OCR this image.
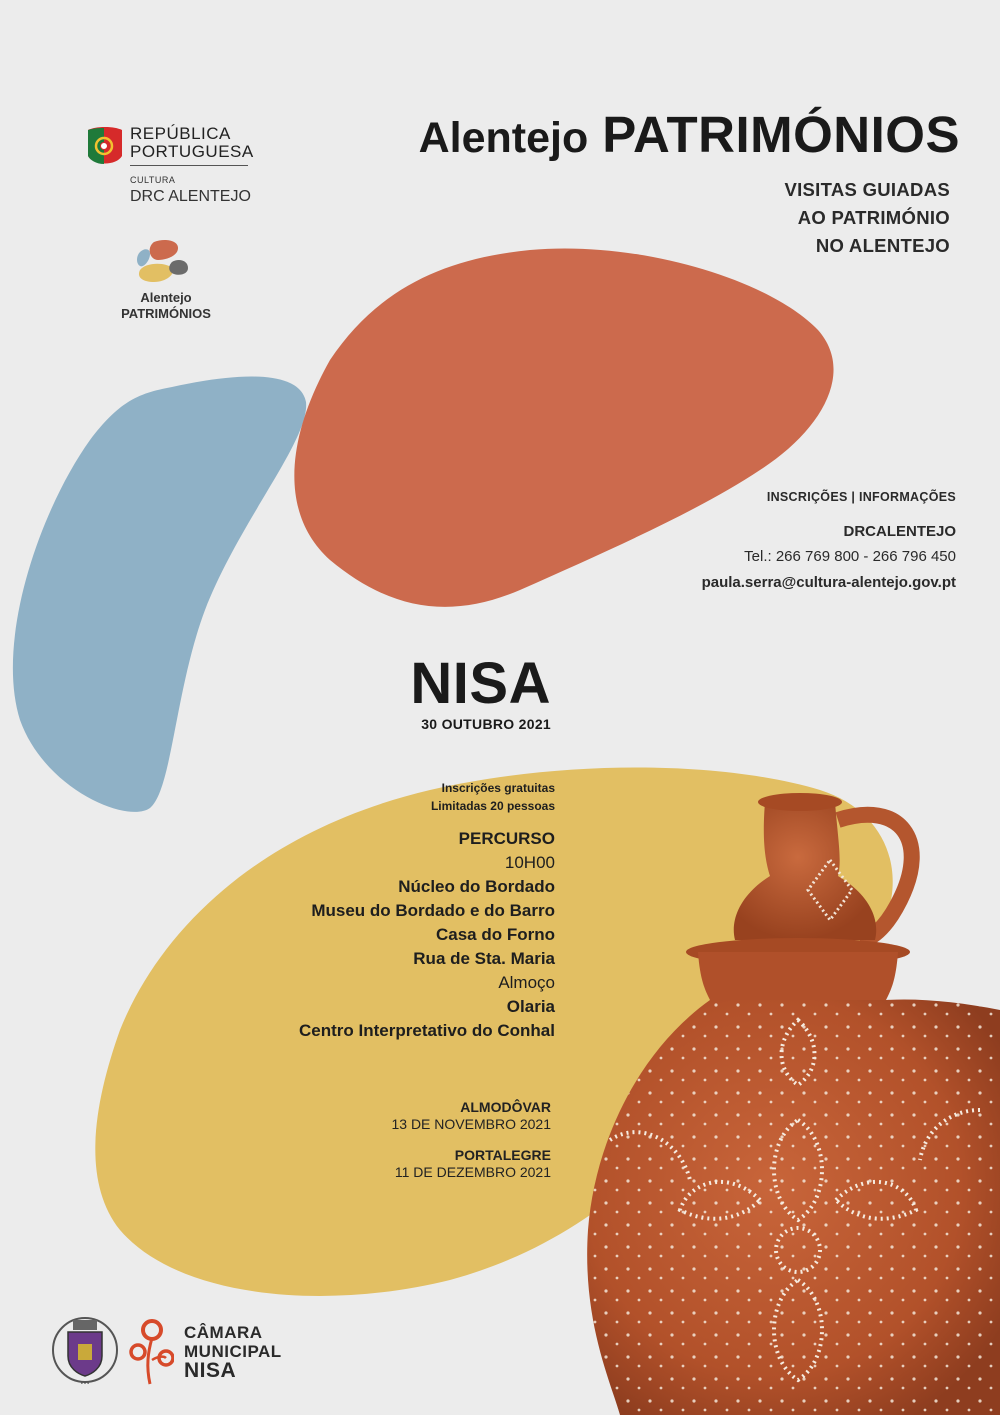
REPÚBLICA
PORTUGUESA
CULTURA
DRC ALENTEJO
Alentejo
PATRIMÓNIOS
Alentejo PATRIMÓNIOS
VISITAS GUIADAS
AO PATRIMÓNIO
NO ALENTEJO
INSCRIÇÕES | INFORMAÇÕES
DRCALENTEJO
Tel.: 266 769 800 - 266 796 450
paula.serra@cultura-alentejo.gov.pt
NISA
30 OUTUBRO 2021
Inscrições gratuitas
Limitadas 20 pessoas
PERCURSO
10H00
Núcleo do Bordado
Museu do Bordado e do Barro
Casa do Forno
Rua de Sta. Maria
Almoço
Olaria
Centro Interpretativo do Conhal
ALMODÔVAR
13 DE NOVEMBRO 2021
PORTALEGRE
11 DE DEZEMBRO 2021
• • •
CÂMARA
MUNICIPAL
NISA
